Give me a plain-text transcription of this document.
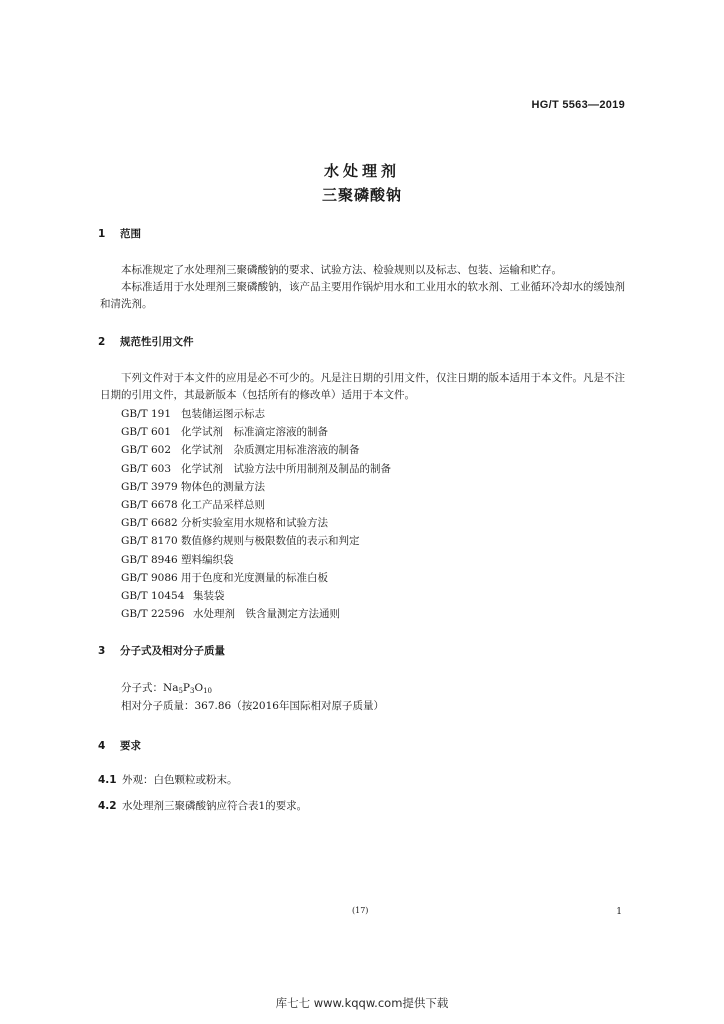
HG/T 5563—2019
水处理剂
三聚磷酸钠
1 范围
本标准规定了水处理剂三聚磷酸钠的要求、试验方法、检验规则以及标志、包装、运输和贮存。
本标准适用于水处理剂三聚磷酸钠，该产品主要用作锅炉用水和工业用水的软水剂、工业循环冷却水的缓蚀剂和清洗剂。
2 规范性引用文件
下列文件对于本文件的应用是必不可少的。凡是注日期的引用文件，仅注日期的版本适用于本文件。凡是不注日期的引用文件，其最新版本（包括所有的修改单）适用于本文件。
GB/T 191 包装储运图示标志
GB/T 601 化学试剂　标准滴定溶液的制备
GB/T 602 化学试剂　杂质测定用标准溶液的制备
GB/T 603 化学试剂　试验方法中所用制剂及制品的制备
GB/T 3979 物体色的测量方法
GB/T 6678 化工产品采样总则
GB/T 6682 分析实验室用水规格和试验方法
GB/T 8170 数值修约规则与极限数值的表示和判定
GB/T 8946 塑料编织袋
GB/T 9086 用于色度和光度测量的标准白板
GB/T 10454 集装袋
GB/T 22596 水处理剂　铁含量测定方法通则
3 分子式及相对分子质量
分子式：$Na_5P_3O_{10}$
相对分子质量：367.86（按2016年国际相对原子质量）
4 要求
4.1 外观：白色颗粒或粉末。
4.2 水处理剂三聚磷酸钠应符合表1的要求。
(17)	1
库七七 www.kqqw.com提供下载
